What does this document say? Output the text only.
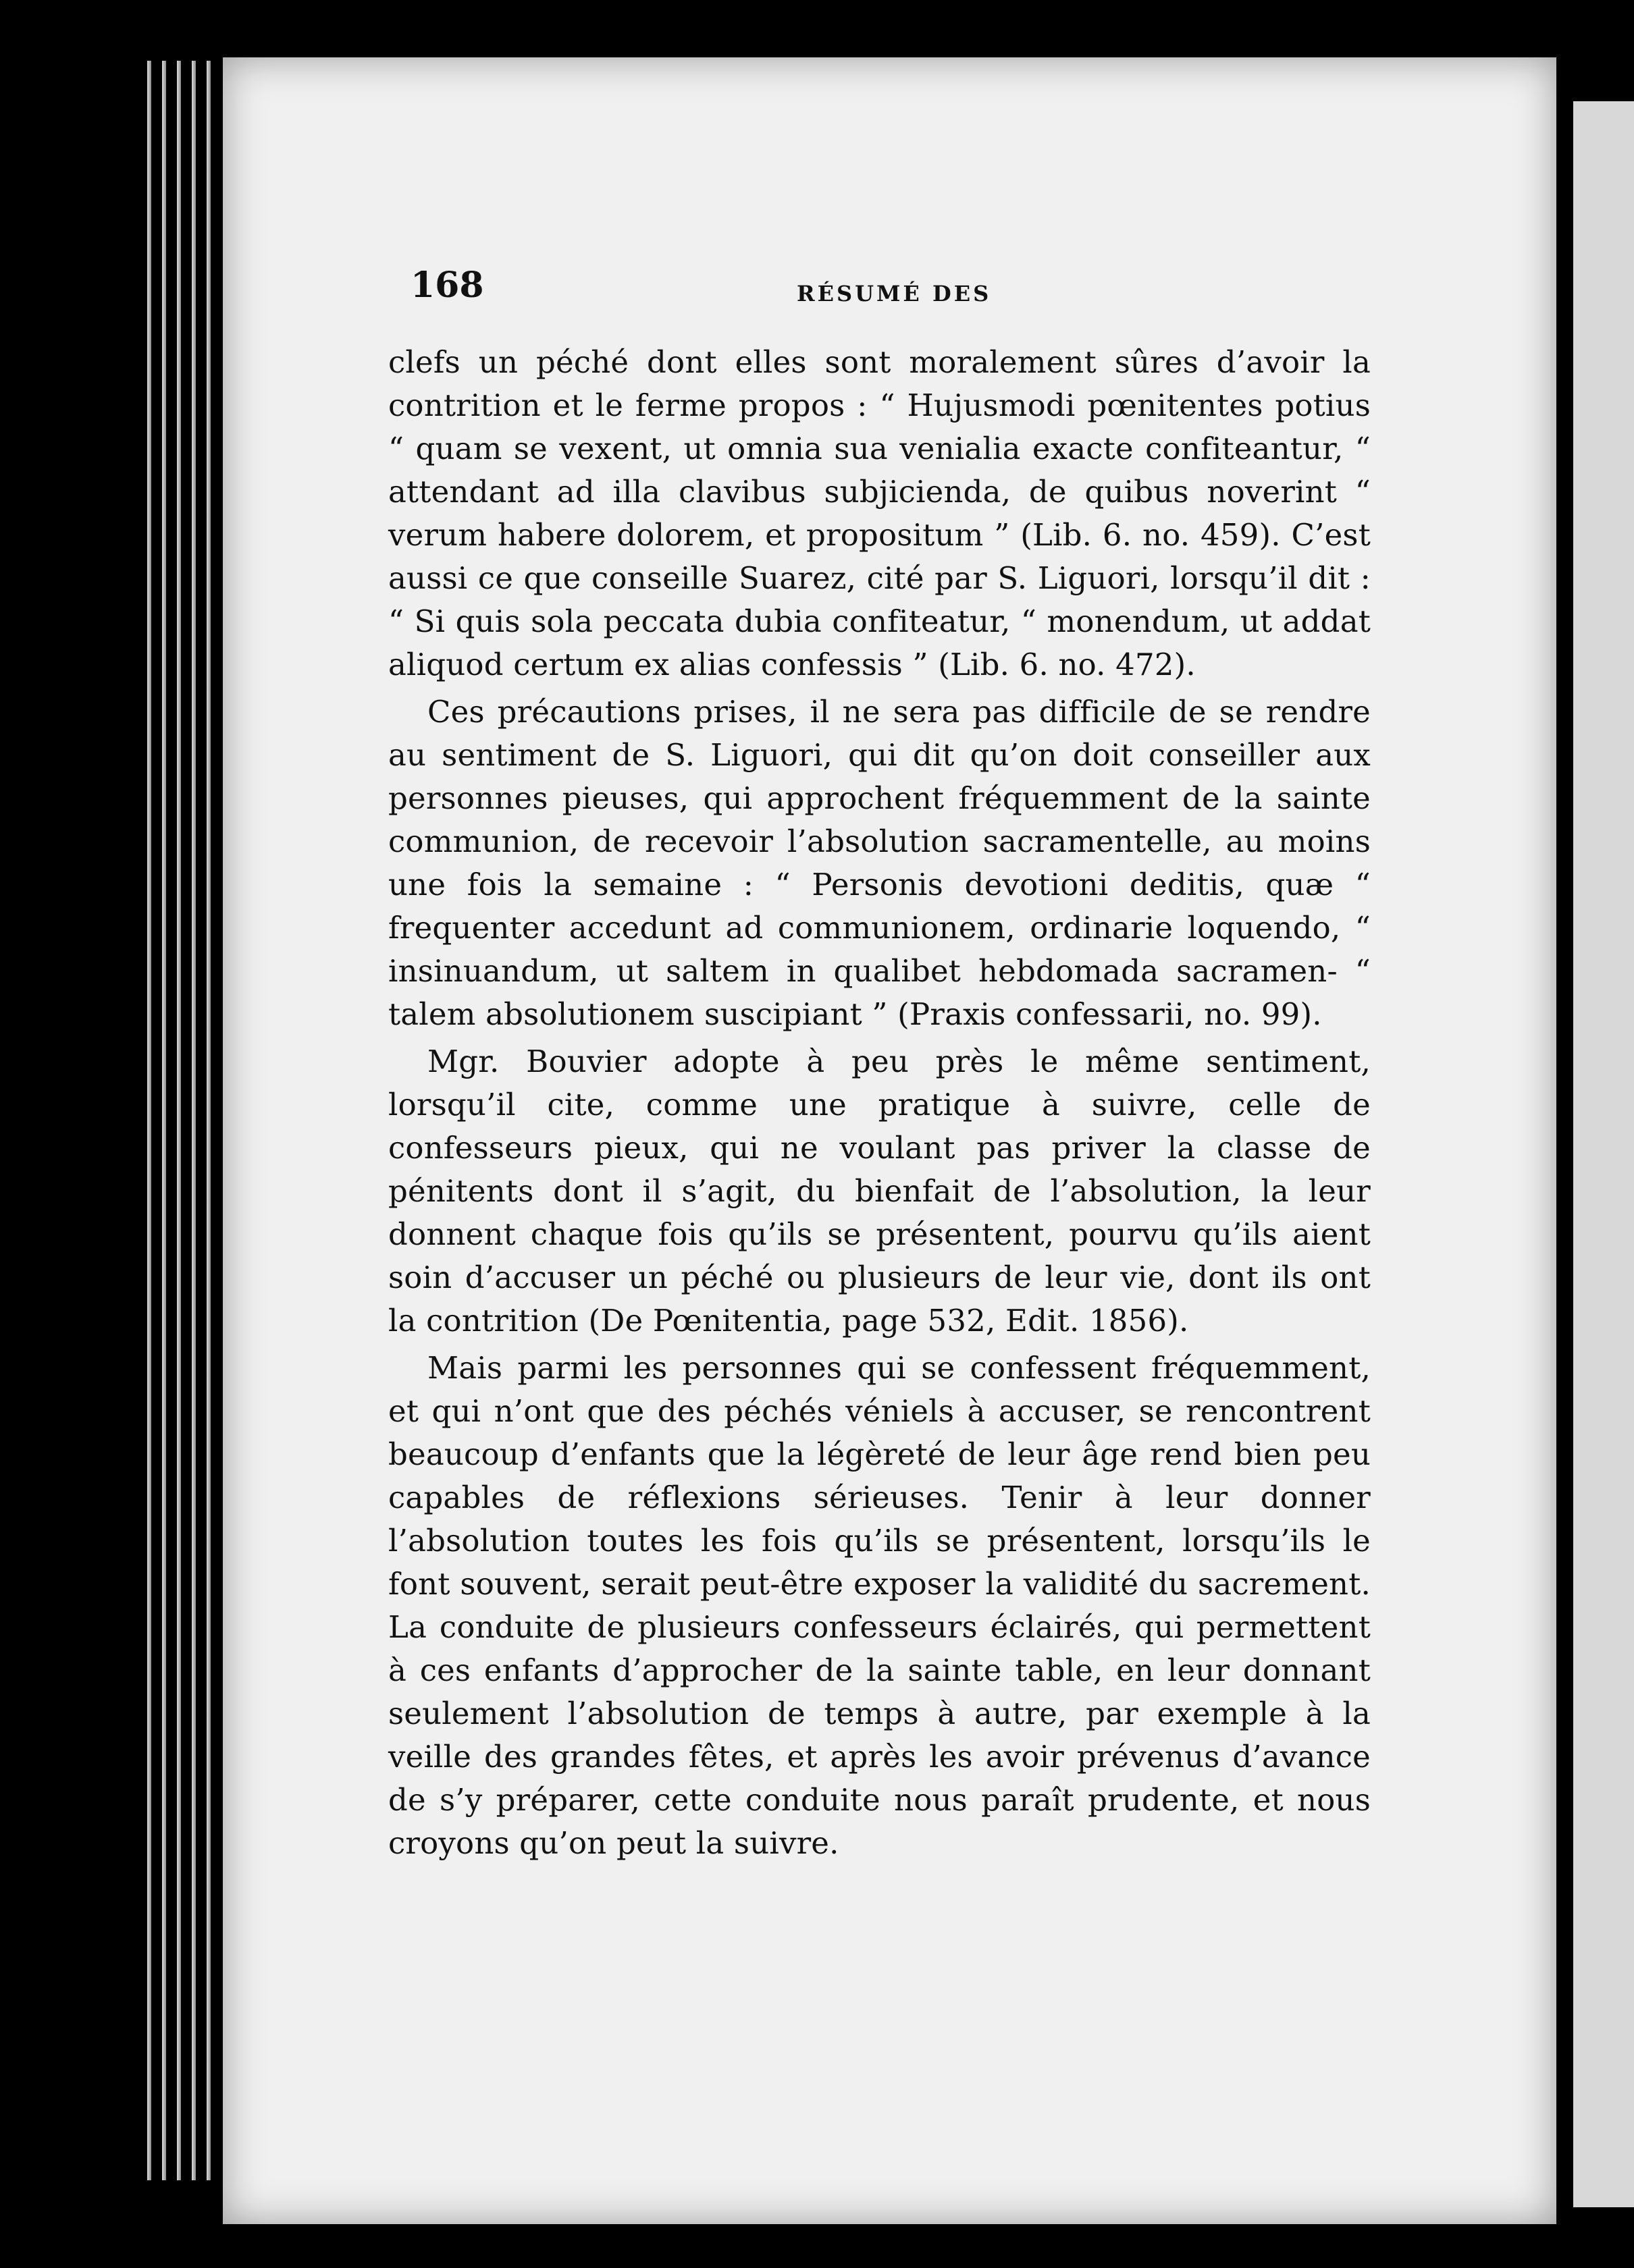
168	RÉSUMÉ DES

clefs un péché dont elles sont moralement sûres d’avoir la contrition et le ferme propos : “ Hujusmodi pœnitentes potius “ quam se vexent, ut omnia sua venialia exacte confiteantur, “ attendant ad illa clavibus subjicienda, de quibus noverint “ verum habere dolorem, et propositum ” (Lib. 6. no. 459). C’est aussi ce que conseille Suarez, cité par S. Liguori, lorsqu’il dit : “ Si quis sola peccata dubia confiteatur, “ monendum, ut addat aliquod certum ex alias confessis ” (Lib. 6. no. 472).

Ces précautions prises, il ne sera pas difficile de se rendre au sentiment de S. Liguori, qui dit qu’on doit conseiller aux personnes pieuses, qui approchent fréquemment de la sainte communion, de recevoir l’absolution sacramentelle, au moins une fois la semaine : “ Personis devotioni deditis, quæ “ frequenter accedunt ad communionem, ordinarie loquendo, “ insinuandum, ut saltem in qualibet hebdomada sacramen- “ talem absolutionem suscipiant ” (Praxis confessarii, no. 99).

Mgr. Bouvier adopte à peu près le même sentiment, lorsqu’il cite, comme une pratique à suivre, celle de confesseurs pieux, qui ne voulant pas priver la classe de pénitents dont il s’agit, du bienfait de l’absolution, la leur donnent chaque fois qu’ils se présentent, pourvu qu’ils aient soin d’accuser un péché ou plusieurs de leur vie, dont ils ont la contrition (De Pœnitentia, page 532, Edit. 1856).

Mais parmi les personnes qui se confessent fréquemment, et qui n’ont que des péchés véniels à accuser, se rencontrent beaucoup d’enfants que la légèreté de leur âge rend bien peu capables de réflexions sérieuses. Tenir à leur donner l’absolution toutes les fois qu’ils se présentent, lorsqu’ils le font souvent, serait peut-être exposer la validité du sacrement. La conduite de plusieurs confesseurs éclairés, qui permettent à ces enfants d’approcher de la sainte table, en leur donnant seulement l’absolution de temps à autre, par exemple à la veille des grandes fêtes, et après les avoir prévenus d’avance de s’y préparer, cette conduite nous paraît prudente, et nous croyons qu’on peut la suivre.
